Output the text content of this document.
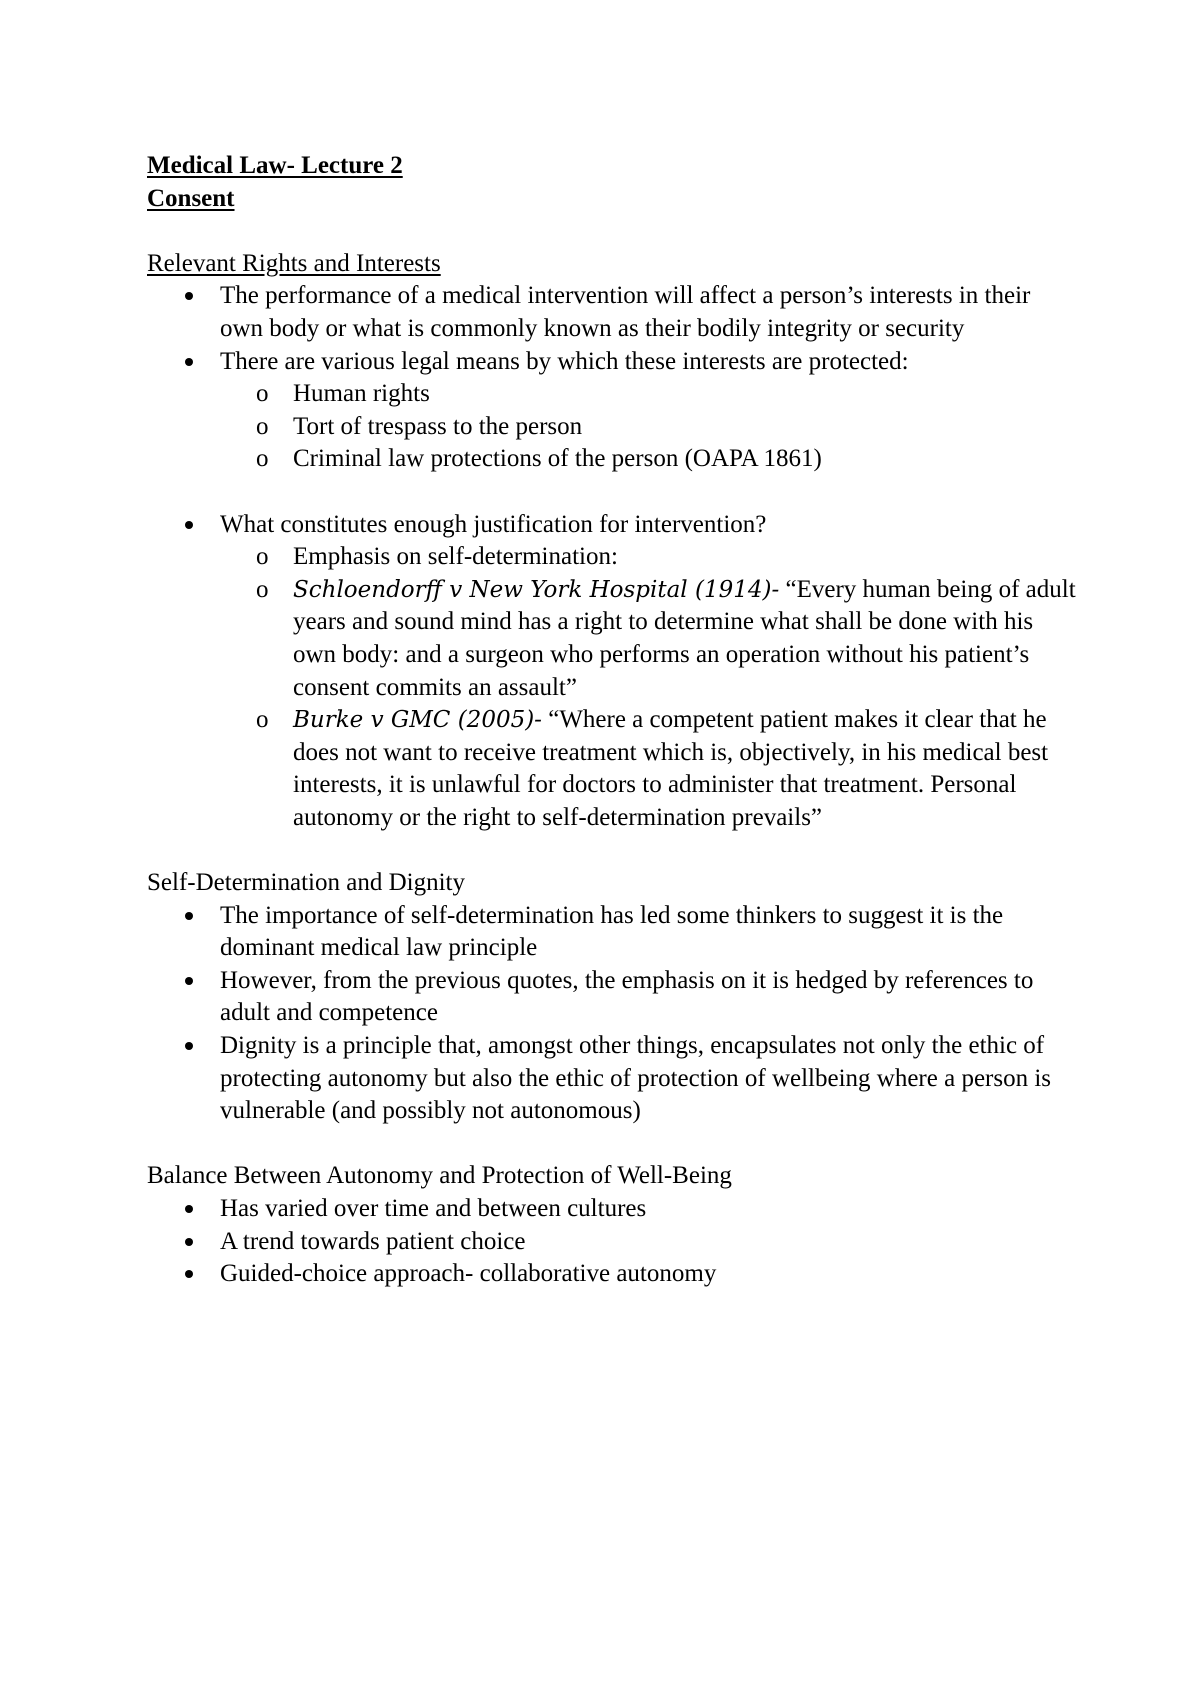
Medical Law- Lecture 2
Consent
Relevant Rights and Interests
The performance of a medical intervention will affect a person’s interests in their own body or what is commonly known as their bodily integrity or security
There are various legal means by which these interests are protected:
o Human rights
o Tort of trespass to the person
o Criminal law protections of the person (OAPA 1861)
What constitutes enough justification for intervention?
o Emphasis on self-determination:
o Schloendorff v New York Hospital (1914)- “Every human being of adult years and sound mind has a right to determine what shall be done with his own body: and a surgeon who performs an operation without his patient’s consent commits an assault”
o Burke v GMC (2005)- “Where a competent patient makes it clear that he does not want to receive treatment which is, objectively, in his medical best interests, it is unlawful for doctors to administer that treatment. Personal autonomy or the right to self-determination prevails”
Self-Determination and Dignity
The importance of self-determination has led some thinkers to suggest it is the dominant medical law principle
However, from the previous quotes, the emphasis on it is hedged by references to adult and competence
Dignity is a principle that, amongst other things, encapsulates not only the ethic of protecting autonomy but also the ethic of protection of wellbeing where a person is vulnerable (and possibly not autonomous)
Balance Between Autonomy and Protection of Well-Being
Has varied over time and between cultures
A trend towards patient choice
Guided-choice approach- collaborative autonomy
